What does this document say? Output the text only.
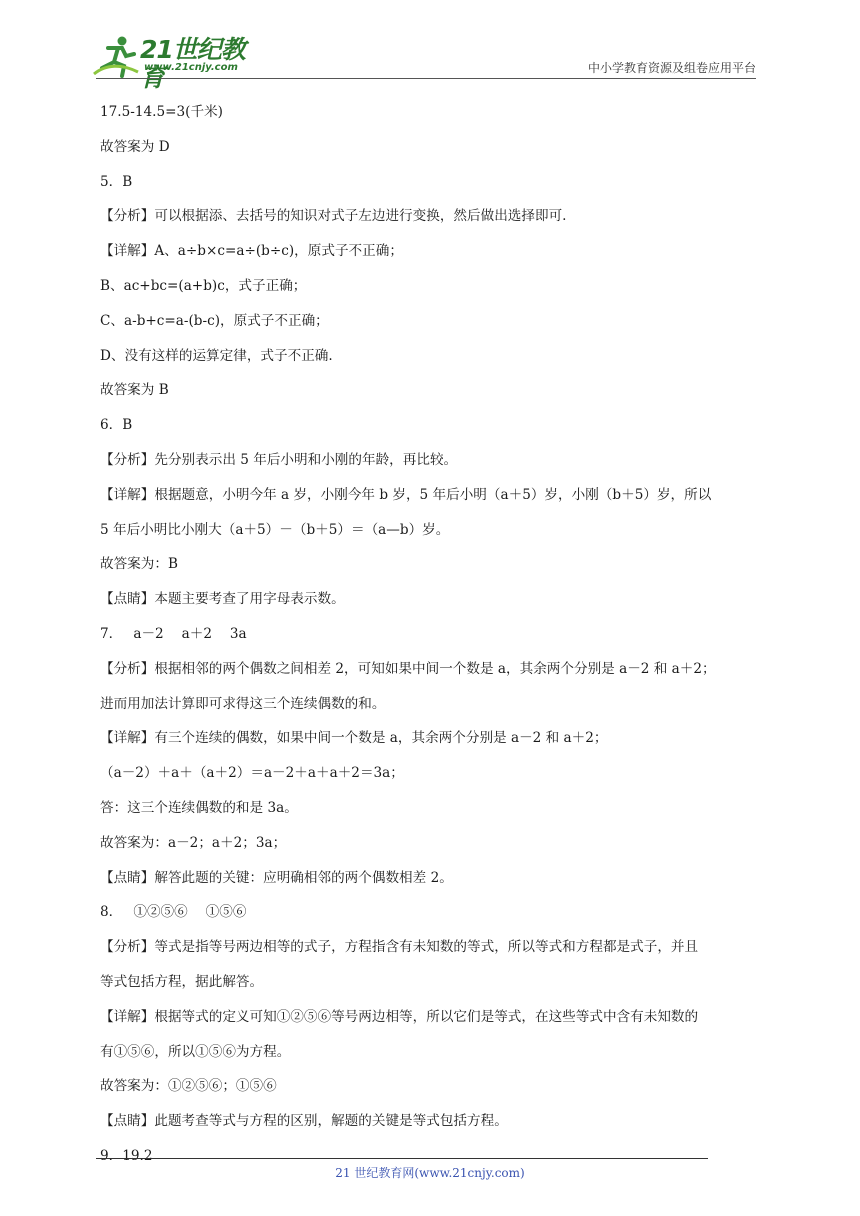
21世纪教育
www.21cnjy.com	中小学教育资源及组卷应用平台

17.5-14.5=3(千米)

故答案为 D

5．B

【分析】可以根据添、去括号的知识对式子左边进行变换，然后做出选择即可.

【详解】A、a÷b×c=a÷(b÷c)，原式子不正确；

B、ac+bc=(a+b)c，式子正确；

C、a-b+c=a-(b-c)，原式子不正确；

D、没有这样的运算定律，式子不正确.

故答案为 B

6．B

【分析】先分别表示出 5 年后小明和小刚的年龄，再比较。

【详解】根据题意，小明今年 a 岁，小刚今年 b 岁，5 年后小明（a＋5）岁，小刚（b＋5）岁，所以

5 年后小明比小刚大（a＋5）－（b＋5）＝（a—b）岁。

故答案为：B

【点睛】本题主要考查了用字母表示数。

7．　 a－2　 a＋2　 3a

【分析】根据相邻的两个偶数之间相差 2，可知如果中间一个数是 a，其余两个分别是 a－2 和 a＋2；

进而用加法计算即可求得这三个连续偶数的和。

【详解】有三个连续的偶数，如果中间一个数是 a，其余两个分别是 a－2 和 a＋2；

（a－2）＋a＋（a＋2）＝a－2＋a＋a＋2＝3a；

答：这三个连续偶数的和是 3a。

故答案为：a－2；a＋2；3a；

【点睛】解答此题的关键：应明确相邻的两个偶数相差 2。

8．　 ①②⑤⑥　 ①⑤⑥

【分析】等式是指等号两边相等的式子，方程指含有未知数的等式，所以等式和方程都是式子，并且

等式包括方程，据此解答。

【详解】根据等式的定义可知①②⑤⑥等号两边相等，所以它们是等式，在这些等式中含有未知数的

有①⑤⑥，所以①⑤⑥为方程。

故答案为：①②⑤⑥；①⑤⑥

【点睛】此题考查等式与方程的区别，解题的关键是等式包括方程。

9．19.2

21 世纪教育网(www.21cnjy.com)
